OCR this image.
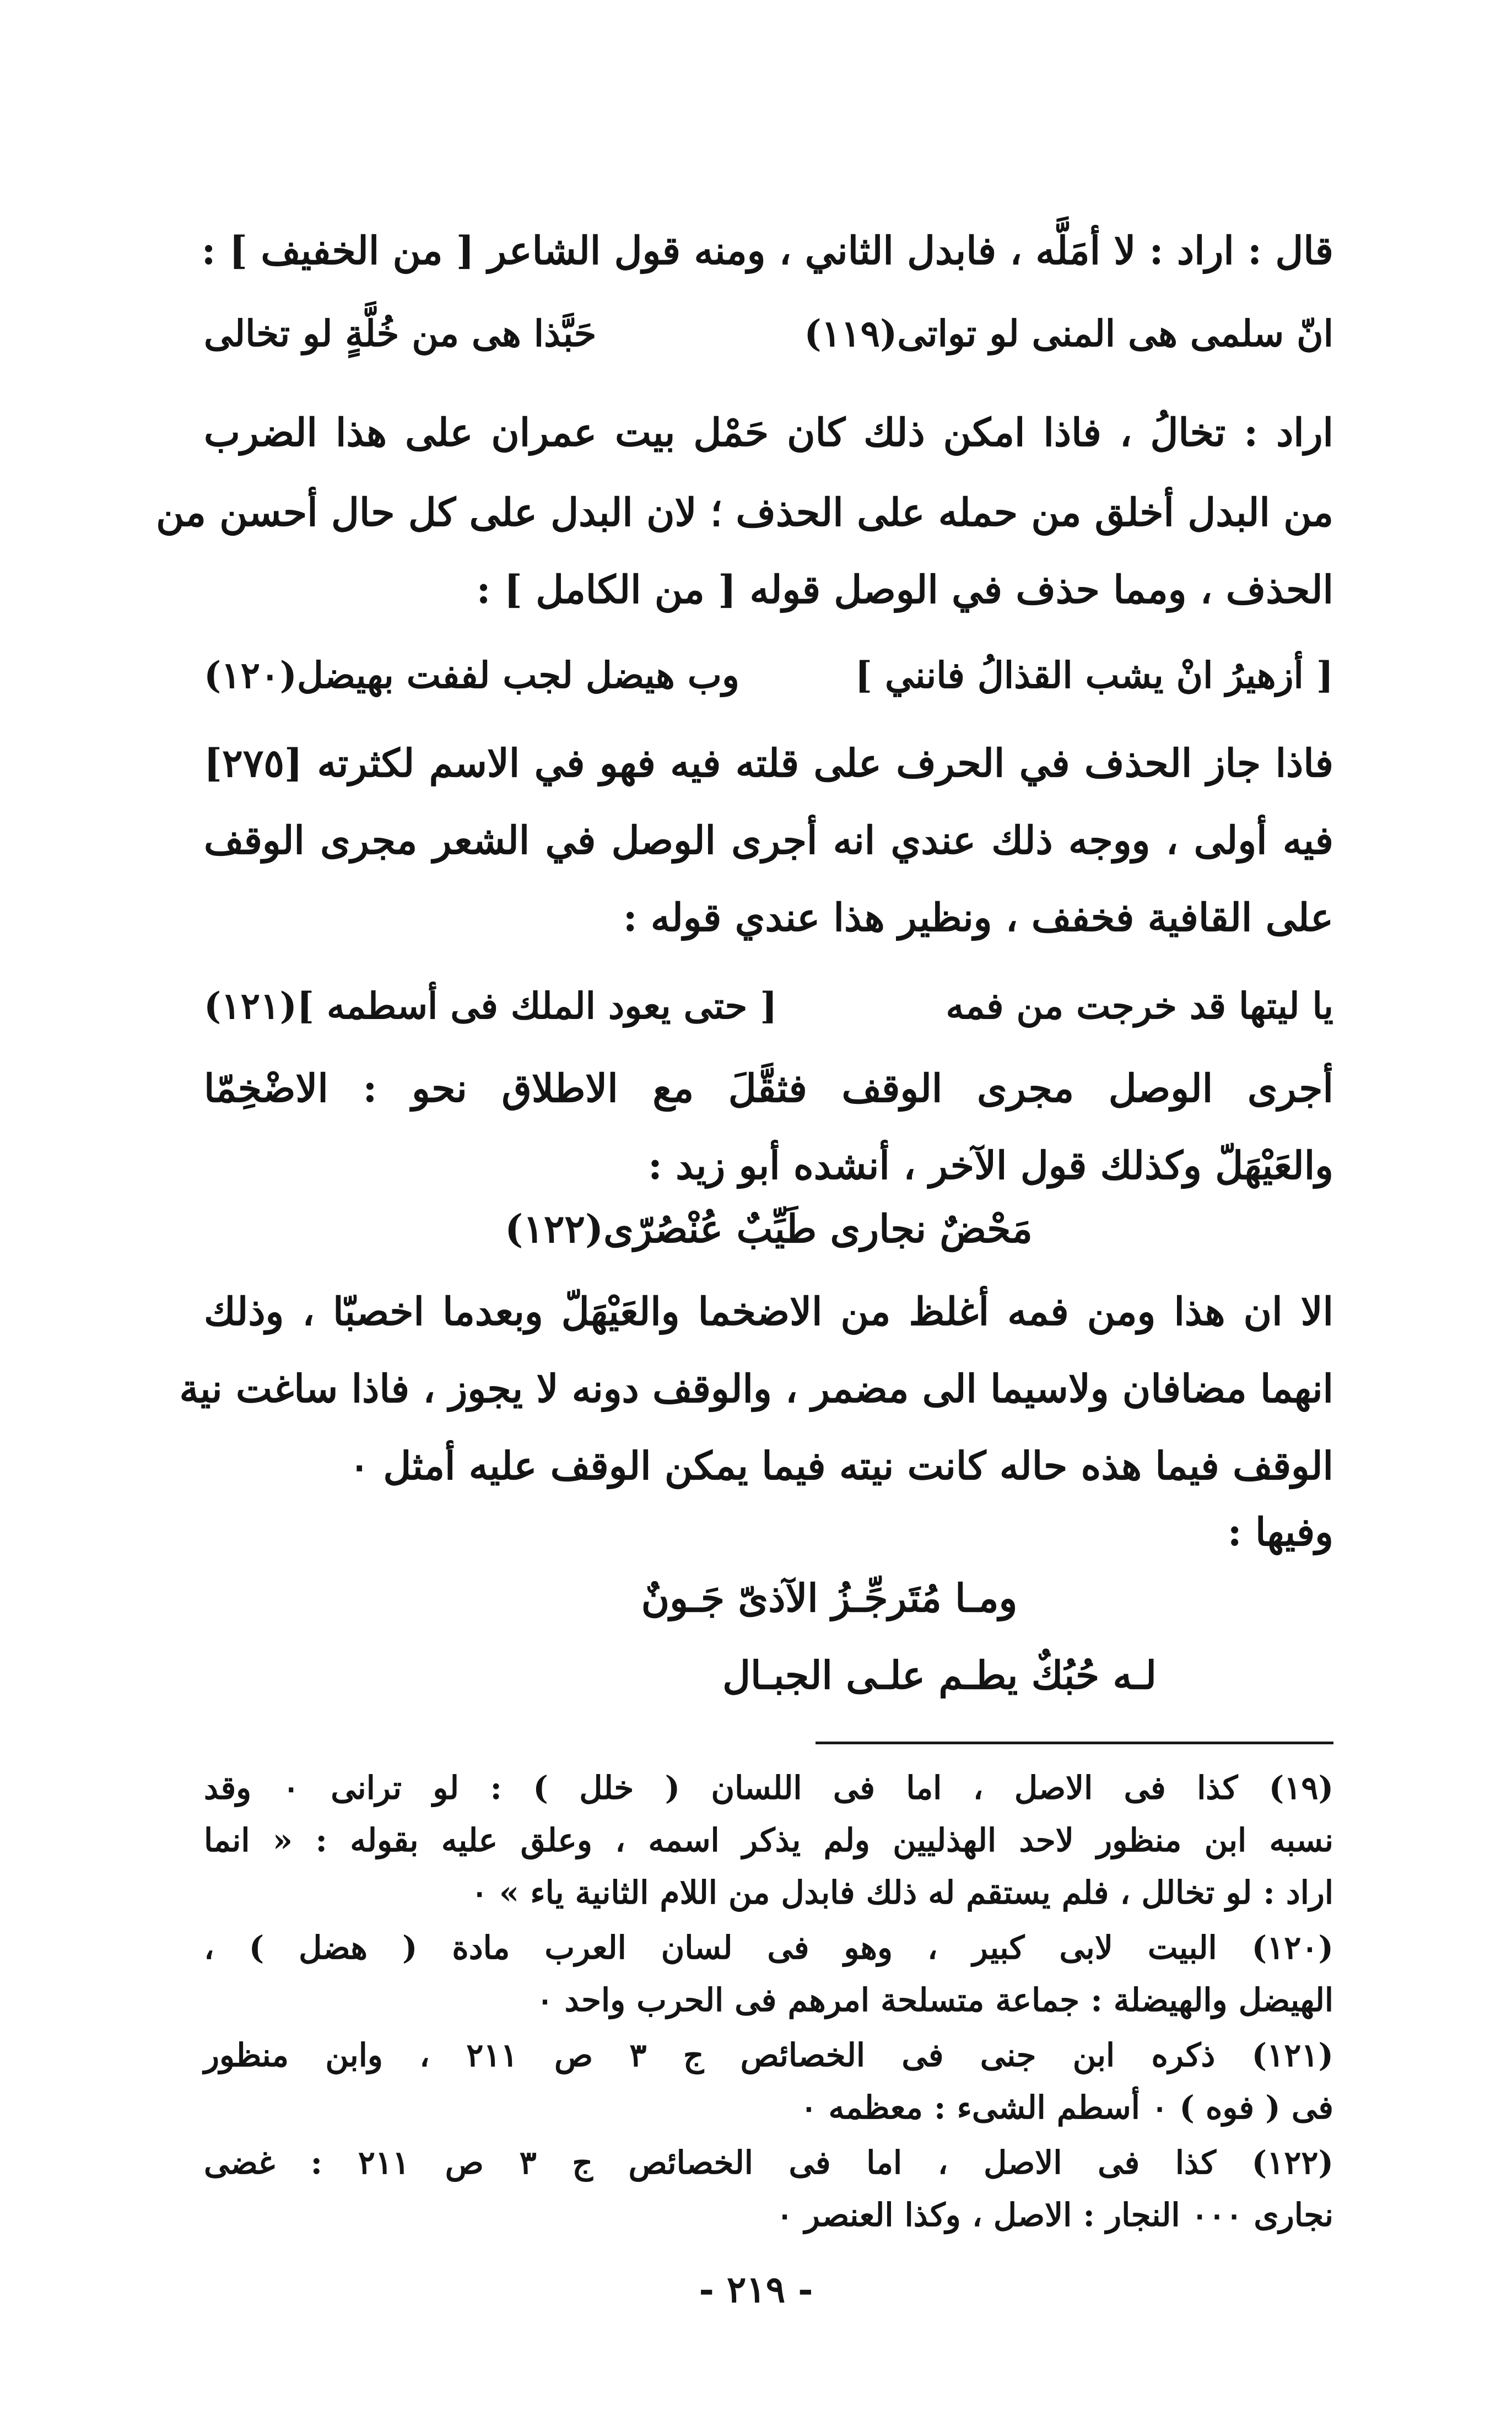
قال : اراد : لا أمَلَّه ، فابدل الثاني ، ومنه قول الشاعر [ من الخفيف ] :
انّ سلمى هى المنى لو تواتى(١١٩)
حَبَّذا هى من خُلَّةٍ لو تخالى
اراد : تخالُ ، فاذا امكن ذلك كان حَمْل بيت عمران على هذا الضرب
من البدل أخلق من حمله على الحذف ؛ لان البدل على كل حال أحسن من
الحذف ، ومما حذف في الوصل قوله [ من الكامل ] :
[ أزهيرُ انْ يشب القذالُ فانني ]
وب هيضل لجب لففت بهيضل(١٢٠)
فاذا جاز الحذف في الحرف على قلته فيه فهو في الاسم لكثرته [٢٧٥]
فيه أولى ، ووجه ذلك عندي انه أجرى الوصل في الشعر مجرى الوقف
على القافية فخفف ، ونظير هذا عندي قوله :
يا ليتها قد خرجت من فمه
[ حتى يعود الملك فى أسطمه ](١٢١)
أجرى الوصل مجرى الوقف فثقَّلَ مع الاطلاق نحو : الاضْخِمّا
والعَيْهَلّ وكذلك قول الآخر ، أنشده أبو زيد :
مَحْضٌ نجارى طَيِّبٌ عُنْصُرّى(١٢٢)
الا ان هذا ومن فمه أغلظ من الاضخما والعَيْهَلّ وبعدما اخصبّا ، وذلك
انهما مضافان ولاسيما الى مضمر ، والوقف دونه لا يجوز ، فاذا ساغت نية
الوقف فيما هذه حاله كانت نيته فيما يمكن الوقف عليه أمثل ٠
وفيها :
ومـا مُتَرجِّـزُ الآذىّ جَـونٌ
لـه حُبُكٌ يطـم علـى الجبـال
(١٩) كذا فى الاصل ، اما فى اللسان ( خلل ) : لو ترانى ٠ وقد
نسبه ابن منظور لاحد الهذليين ولم يذكر اسمه ، وعلق عليه بقوله : « انما
اراد : لو تخالل ، فلم يستقم له ذلك فابدل من اللام الثانية ياء » ٠
(١٢٠) البيت لابى كبير ، وهو فى لسان العرب مادة ( هضل ) ،
الهيضل والهيضلة : جماعة متسلحة امرهم فى الحرب واحد ٠
(١٢١) ذكره ابن جنى فى الخصائص ج ٣ ص ٢١١ ، وابن منظور
فى ( فوه ) ٠ أسطم الشىء : معظمه ٠
(١٢٢) كذا فى الاصل ، اما فى الخصائص ج ٣ ص ٢١١ : غضى
نجارى ٠٠٠ النجار : الاصل ، وكذا العنصر ٠
- ٢١٩ -
